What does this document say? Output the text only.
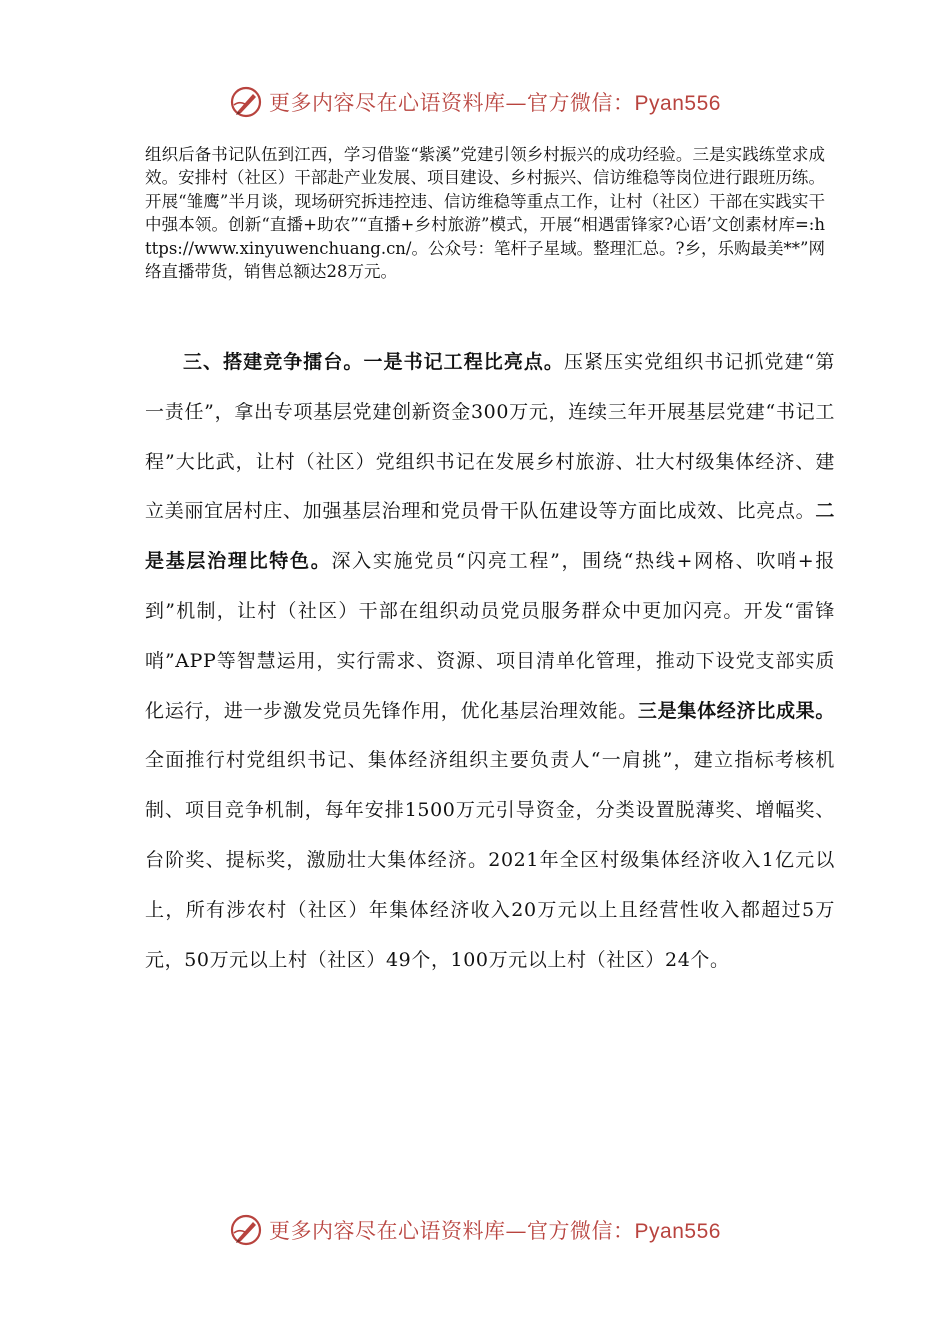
更多内容尽在心语资料库—官方微信：Pyan556

组织后备书记队伍到江西，学习借鉴“紫溪”党建引领乡村振兴的成功经验。三是实践练堂求成效。安排村（社区）干部赴产业发展、项目建设、乡村振兴、信访维稳等岗位进行跟班历练。开展“雏鹰”半月谈，现场研究拆违控违、信访维稳等重点工作，让村（社区）干部在实践实干中强本领。创新“直播+助农”“直播+乡村旅游”模式，开展“相遇雷锋家?心语’文创素材库=:https://www.xinyuwenchuang.cn/。公众号：笔杆子星域。整理汇总。?乡，乐购最美**”网络直播带货，销售总额达28万元。

三、搭建竞争擂台。一是书记工程比亮点。压紧压实党组织书记抓党建“第一责任”，拿出专项基层党建创新资金300万元，连续三年开展基层党建“书记工程”大比武，让村（社区）党组织书记在发展乡村旅游、壮大村级集体经济、建立美丽宜居村庄、加强基层治理和党员骨干队伍建设等方面比成效、比亮点。二是基层治理比特色。深入实施党员“闪亮工程”，围绕“热线+网格、吹哨+报到”机制，让村（社区）干部在组织动员党员服务群众中更加闪亮。开发“雷锋哨”APP等智慧运用，实行需求、资源、项目清单化管理，推动下设党支部实质化运行，进一步激发党员先锋作用，优化基层治理效能。三是集体经济比成果。全面推行村党组织书记、集体经济组织主要负责人“一肩挑”，建立指标考核机制、项目竞争机制，每年安排1500万元引导资金，分类设置脱薄奖、增幅奖、台阶奖、提标奖，激励壮大集体经济。2021年全区村级集体经济收入1亿元以上，所有涉农村（社区）年集体经济收入20万元以上且经营性收入都超过5万元，50万元以上村（社区）49个，100万元以上村（社区）24个。

更多内容尽在心语资料库—官方微信：Pyan556
